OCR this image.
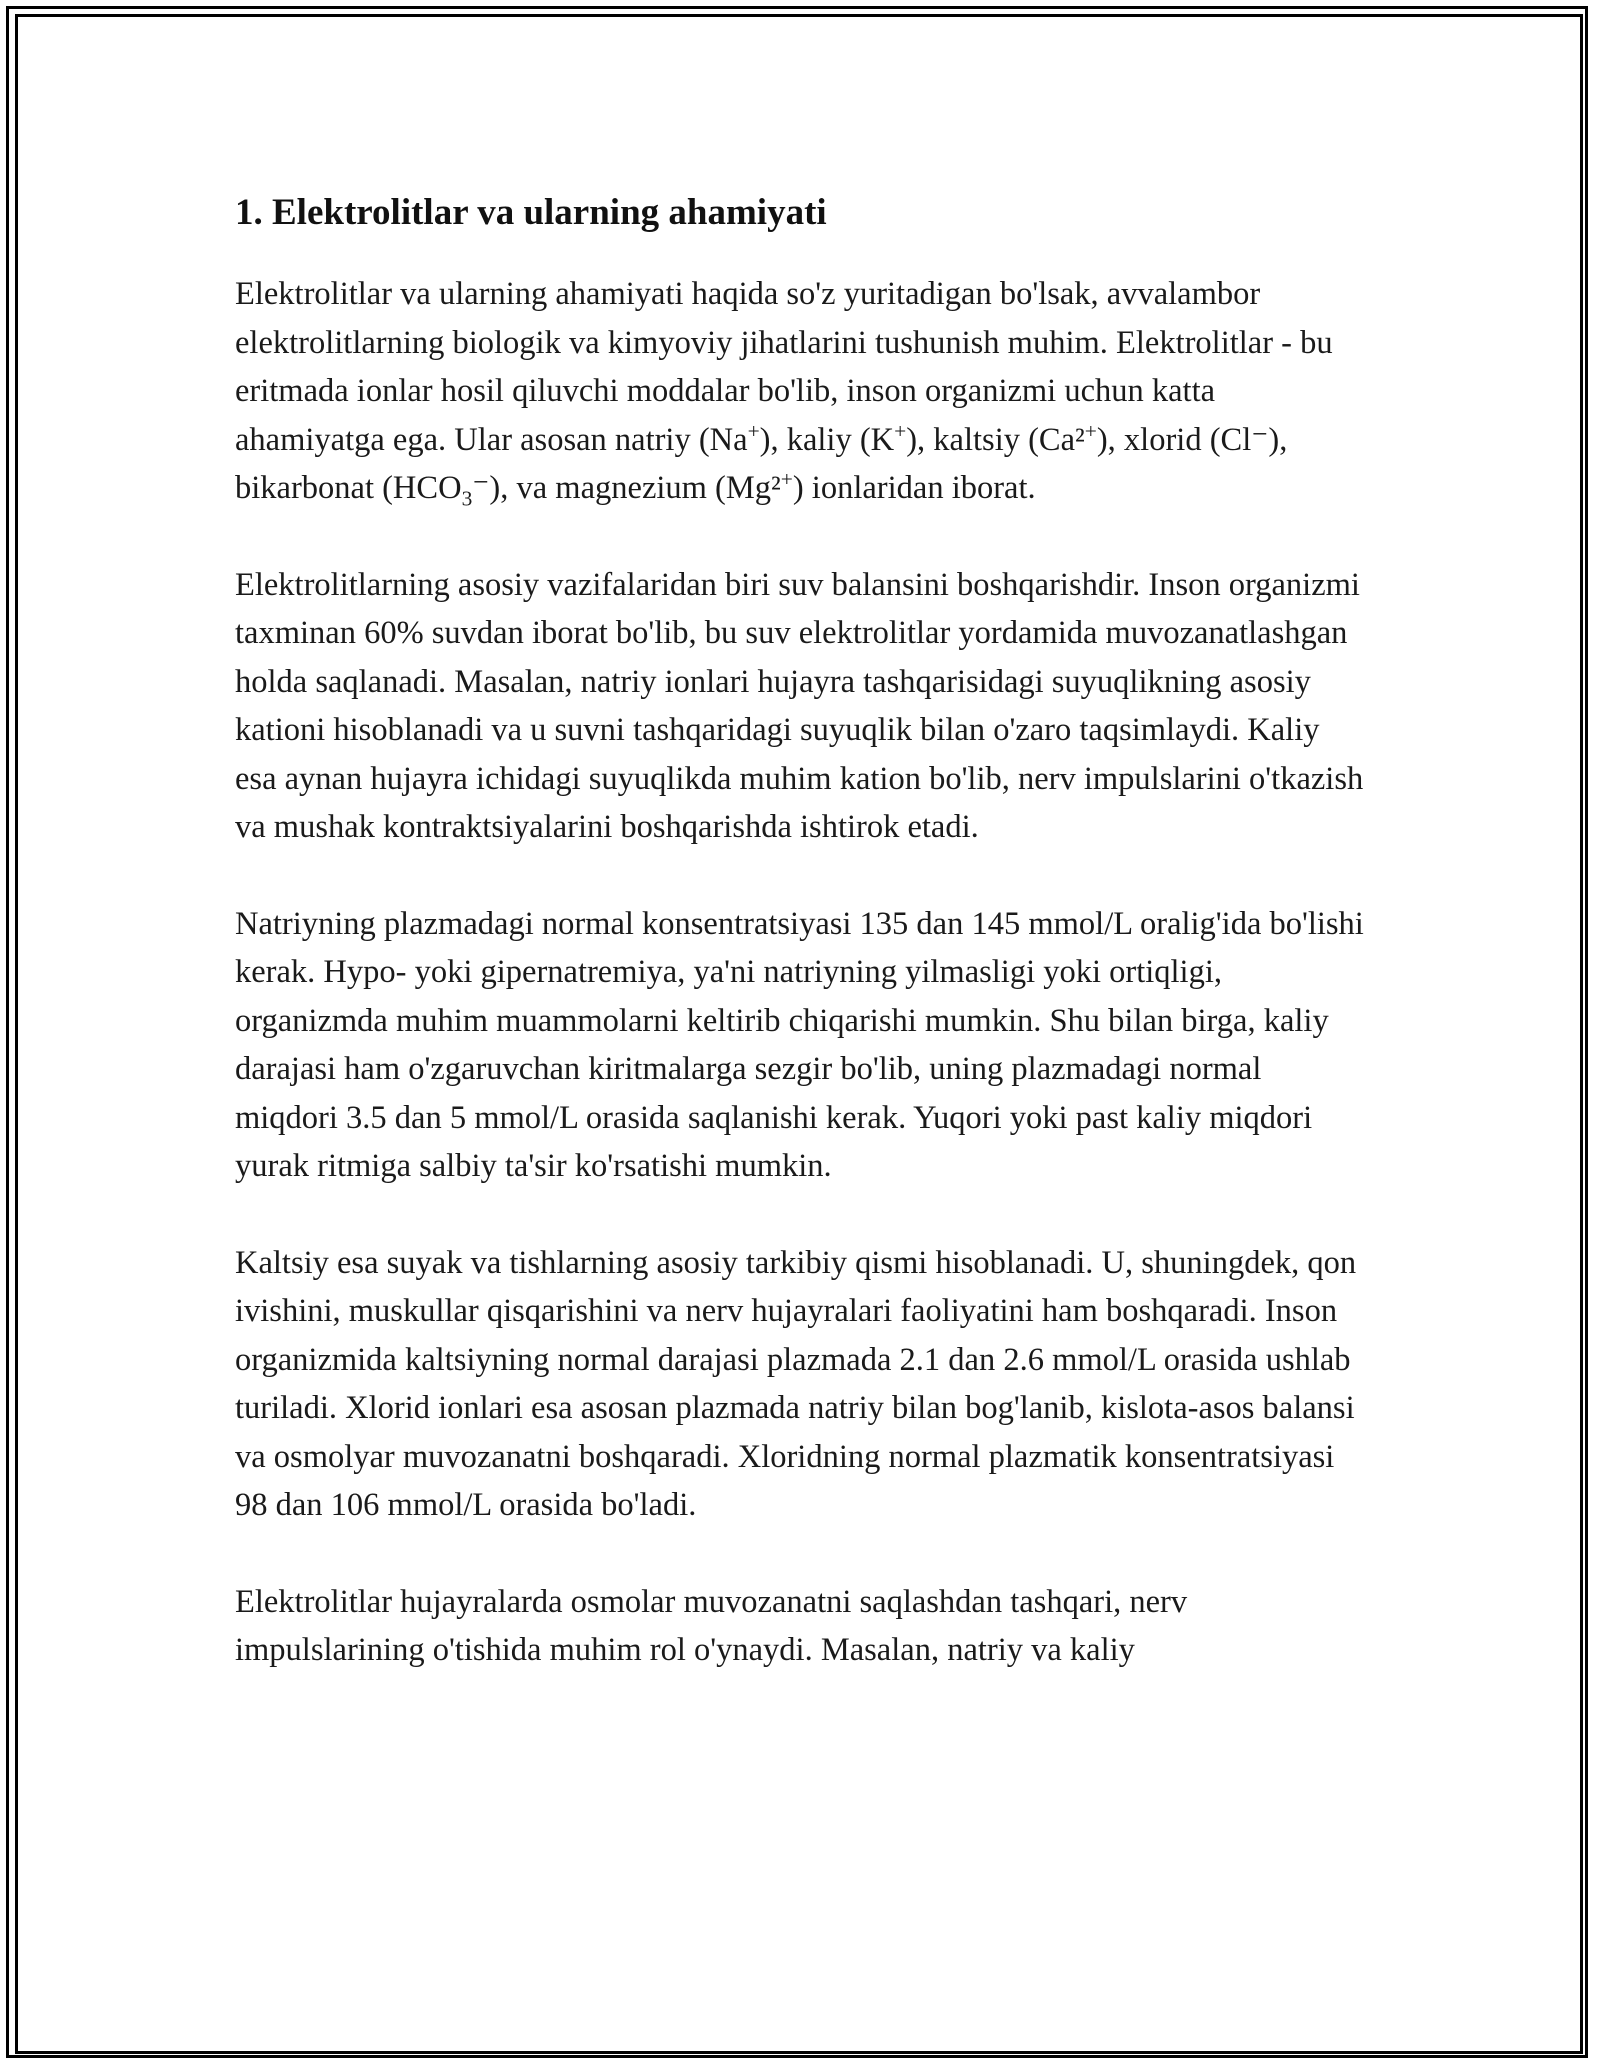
1. Elektrolitlar va ularning ahamiyati

Elektrolitlar va ularning ahamiyati haqida so'z yuritadigan bo'lsak, avvalambor elektrolitlarning biologik va kimyoviy jihatlarini tushunish muhim. Elektrolitlar - bu eritmada ionlar hosil qiluvchi moddalar bo'lib, inson organizmi uchun katta ahamiyatga ega. Ular asosan natriy (Na+), kaliy (K+), kaltsiy (Ca²+), xlorid (Cl⁻), bikarbonat $(HCO_3^-)$, va magnezium (Mg²+) ionlaridan iborat.

Elektrolitlarning asosiy vazifalaridan biri suv balansini boshqarishdir. Inson organizmi taxminan 60% suvdan iborat bo'lib, bu suv elektrolitlar yordamida muvozanatlashgan holda saqlanadi. Masalan, natriy ionlari hujayra tashqarisidagi suyuqlikning asosiy kationi hisoblanadi va u suvni tashqaridagi suyuqlik bilan o'zaro taqsimlaydi. Kaliy esa aynan hujayra ichidagi suyuqlikda muhim kation bo'lib, nerv impulslarini o'tkazish va mushak kontraktsiyalarini boshqarishda ishtirok etadi.

Natriyning plazmadagi normal konsentratsiyasi 135 dan 145 mmol/L oralig'ida bo'lishi kerak. Hypo- yoki gipernatremiya, ya'ni natriyning yilmasligi yoki ortiqligi, organizmda muhim muammolarni keltirib chiqarishi mumkin. Shu bilan birga, kaliy darajasi ham o'zgaruvchan kiritmalarga sezgir bo'lib, uning plazmadagi normal miqdori 3.5 dan 5 mmol/L orasida saqlanishi kerak. Yuqori yoki past kaliy miqdori yurak ritmiga salbiy ta'sir ko'rsatishi mumkin.

Kaltsiy esa suyak va tishlarning asosiy tarkibiy qismi hisoblanadi. U, shuningdek, qon ivishini, muskullar qisqarishini va nerv hujayralari faoliyatini ham boshqaradi. Inson organizmida kaltsiyning normal darajasi plazmada 2.1 dan 2.6 mmol/L orasida ushlab turiladi. Xlorid ionlari esa asosan plazmada natriy bilan bog'lanib, kislota-asos balansi va osmolyar muvozanatni boshqaradi. Xloridning normal plazmatik konsentratsiyasi 98 dan 106 mmol/L orasida bo'ladi.

Elektrolitlar hujayralarda osmolar muvozanatni saqlashdan tashqari, nerv impulslarining o'tishida muhim rol o'ynaydi. Masalan, natriy va kaliy
